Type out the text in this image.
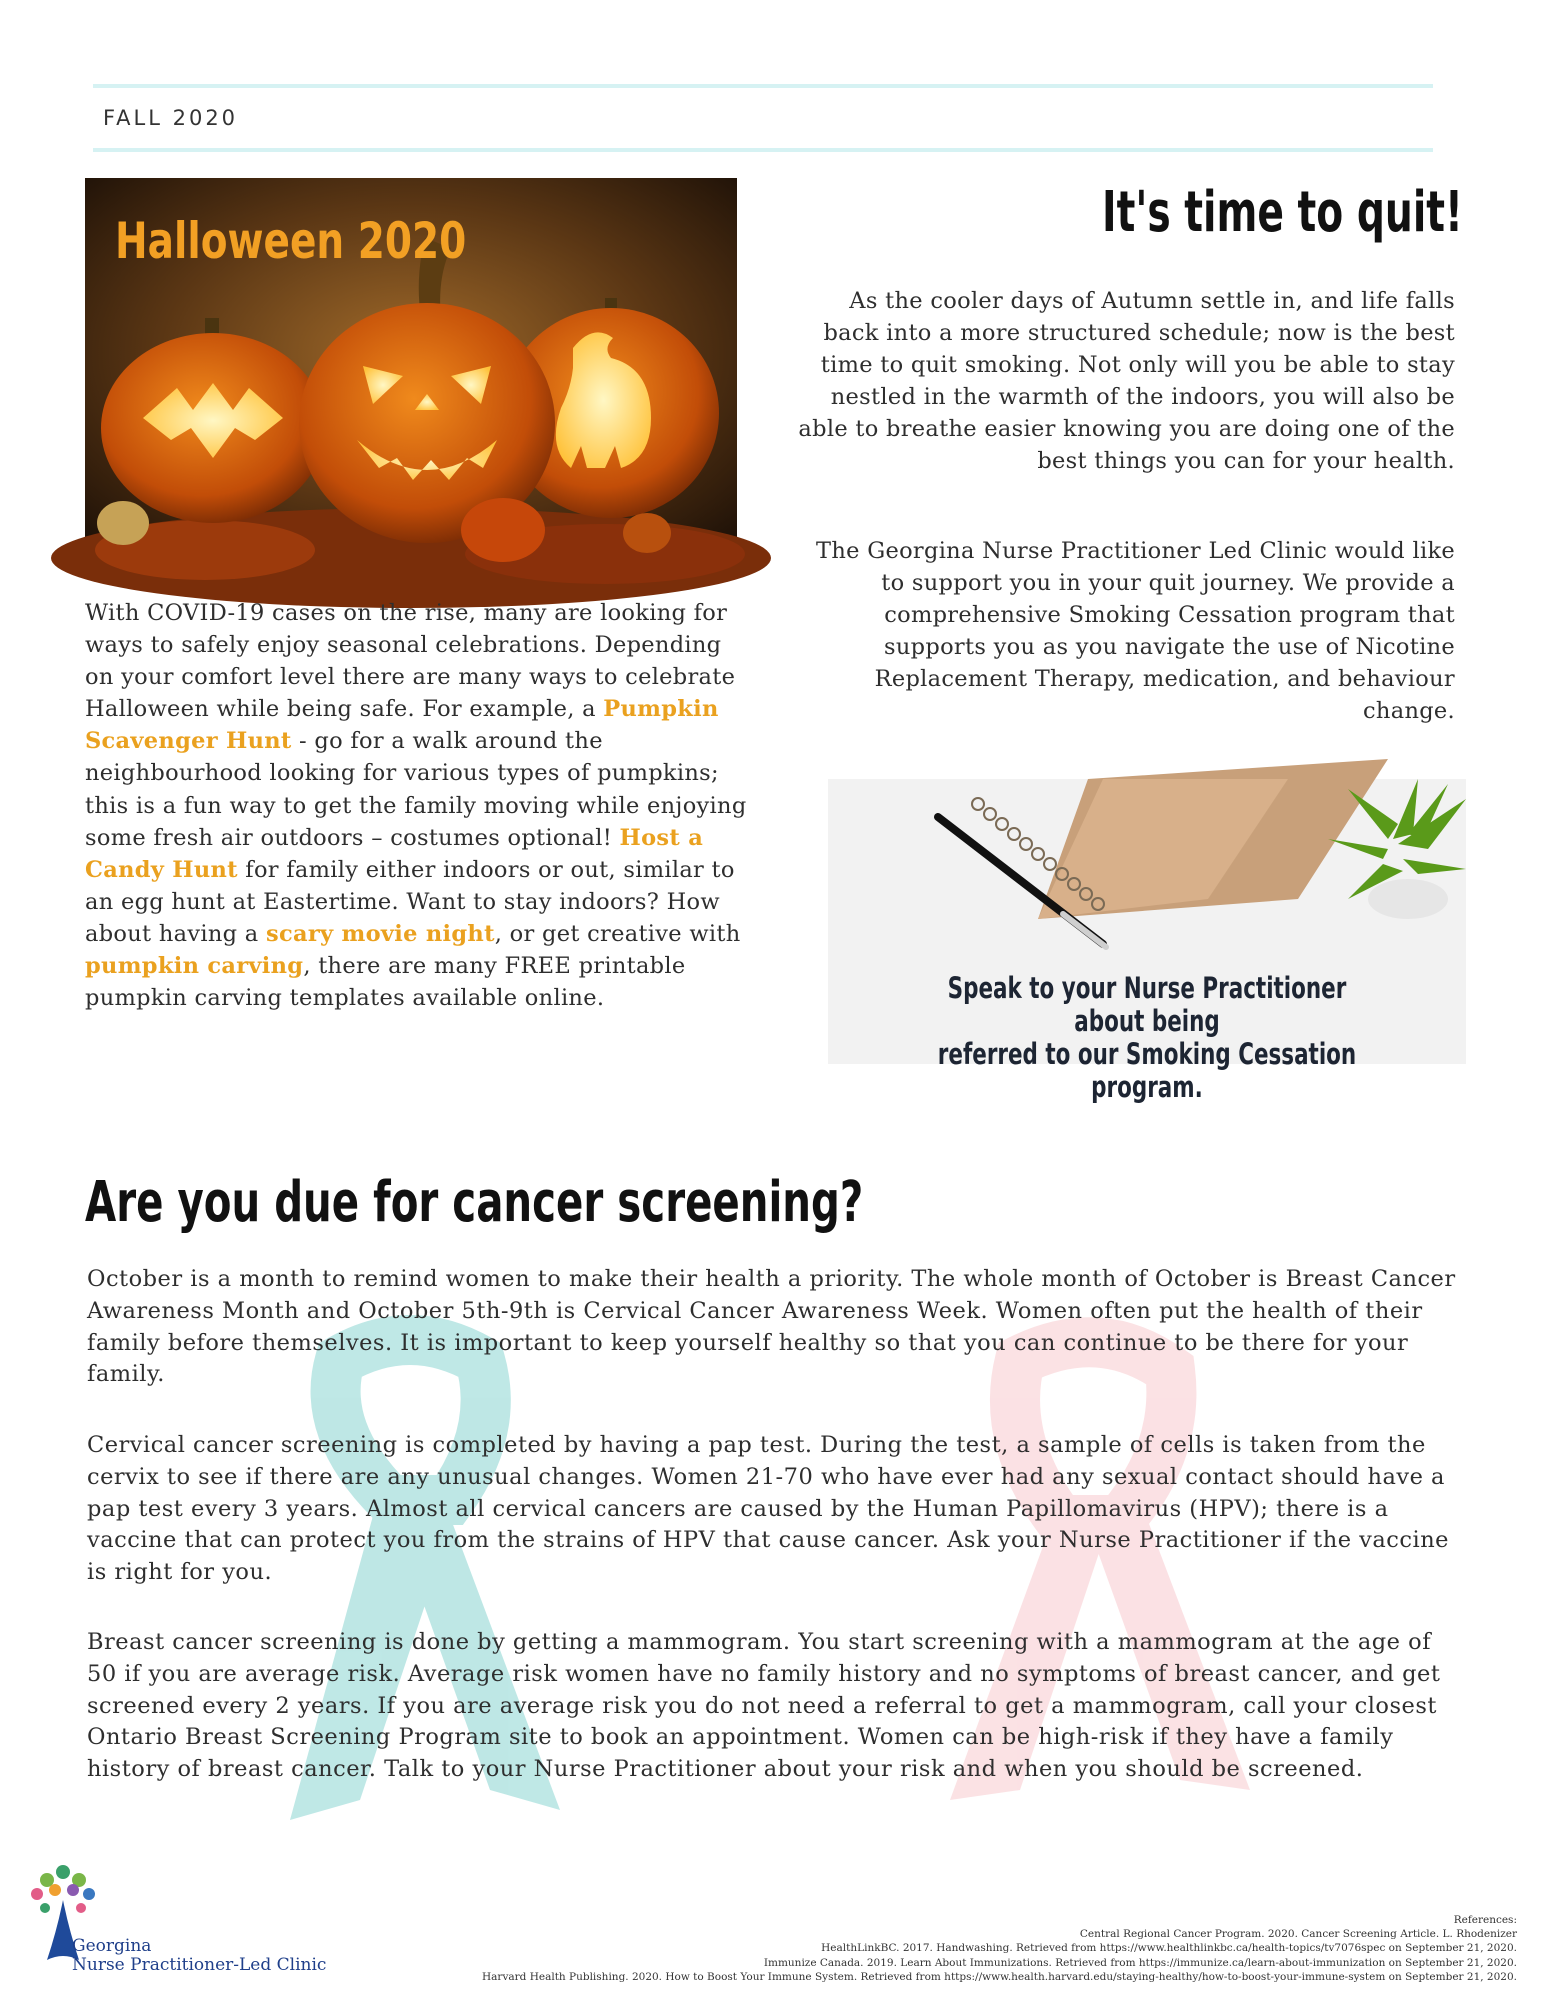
FALL 2020
Halloween 2020
With COVID-19 cases on the rise, many are looking for ways to safely enjoy seasonal celebrations. Depending on your comfort level there are many ways to celebrate Halloween while being safe. For example, a Pumpkin Scavenger Hunt - go for a walk around the neighbourhood looking for various types of pumpkins; this is a fun way to get the family moving while enjoying some fresh air outdoors – costumes optional! Host a Candy Hunt for family either indoors or out, similar to an egg hunt at Eastertime. Want to stay indoors? How about having a scary movie night, or get creative with pumpkin carving, there are many FREE printable pumpkin carving templates available online.
It's time to quit!
As the cooler days of Autumn settle in, and life falls back into a more structured schedule; now is the best time to quit smoking. Not only will you be able to stay nestled in the warmth of the indoors, you will also be able to breathe easier knowing you are doing one of the best things you can for your health.
The Georgina Nurse Practitioner Led Clinic would like to support you in your quit journey. We provide a comprehensive Smoking Cessation program that supports you as you navigate the use of Nicotine Replacement Therapy, medication, and behaviour change.
Speak to your Nurse Practitioner about being
referred to our Smoking Cessation program.
Are you due for cancer screening?
October is a month to remind women to make their health a priority. The whole month of October is Breast Cancer Awareness Month and October 5th-9th is Cervical Cancer Awareness Week. Women often put the health of their family before themselves. It is important to keep yourself healthy so that you can continue to be there for your family.
Cervical cancer screening is completed by having a pap test. During the test, a sample of cells is taken from the cervix to see if there are any unusual changes. Women 21-70 who have ever had any sexual contact should have a pap test every 3 years. Almost all cervical cancers are caused by the Human Papillomavirus (HPV); there is a vaccine that can protect you from the strains of HPV that cause cancer. Ask your Nurse Practitioner if the vaccine is right for you.
Breast cancer screening is done by getting a mammogram. You start screening with a mammogram at the age of 50 if you are average risk. Average risk women have no family history and no symptoms of breast cancer, and get screened every 2 years. If you are average risk you do not need a referral to get a mammogram, call your closest Ontario Breast Screening Program site to book an appointment. Women can be high-risk if they have a family history of breast cancer. Talk to your Nurse Practitioner about your risk and when you should be screened.
Georgina
Nurse Practitioner-Led Clinic
References:
Central Regional Cancer Program. 2020. Cancer Screening Article. L. Rhodenizer
HealthLinkBC. 2017. Handwashing. Retrieved from https://www.healthlinkbc.ca/health-topics/tv7076spec on September 21, 2020.
Immunize Canada. 2019. Learn About Immunizations. Retrieved from https://immunize.ca/learn-about-immunization on September 21, 2020.
Harvard Health Publishing. 2020. How to Boost Your Immune System. Retrieved from https://www.health.harvard.edu/staying-healthy/how-to-boost-your-immune-system on September 21, 2020.
